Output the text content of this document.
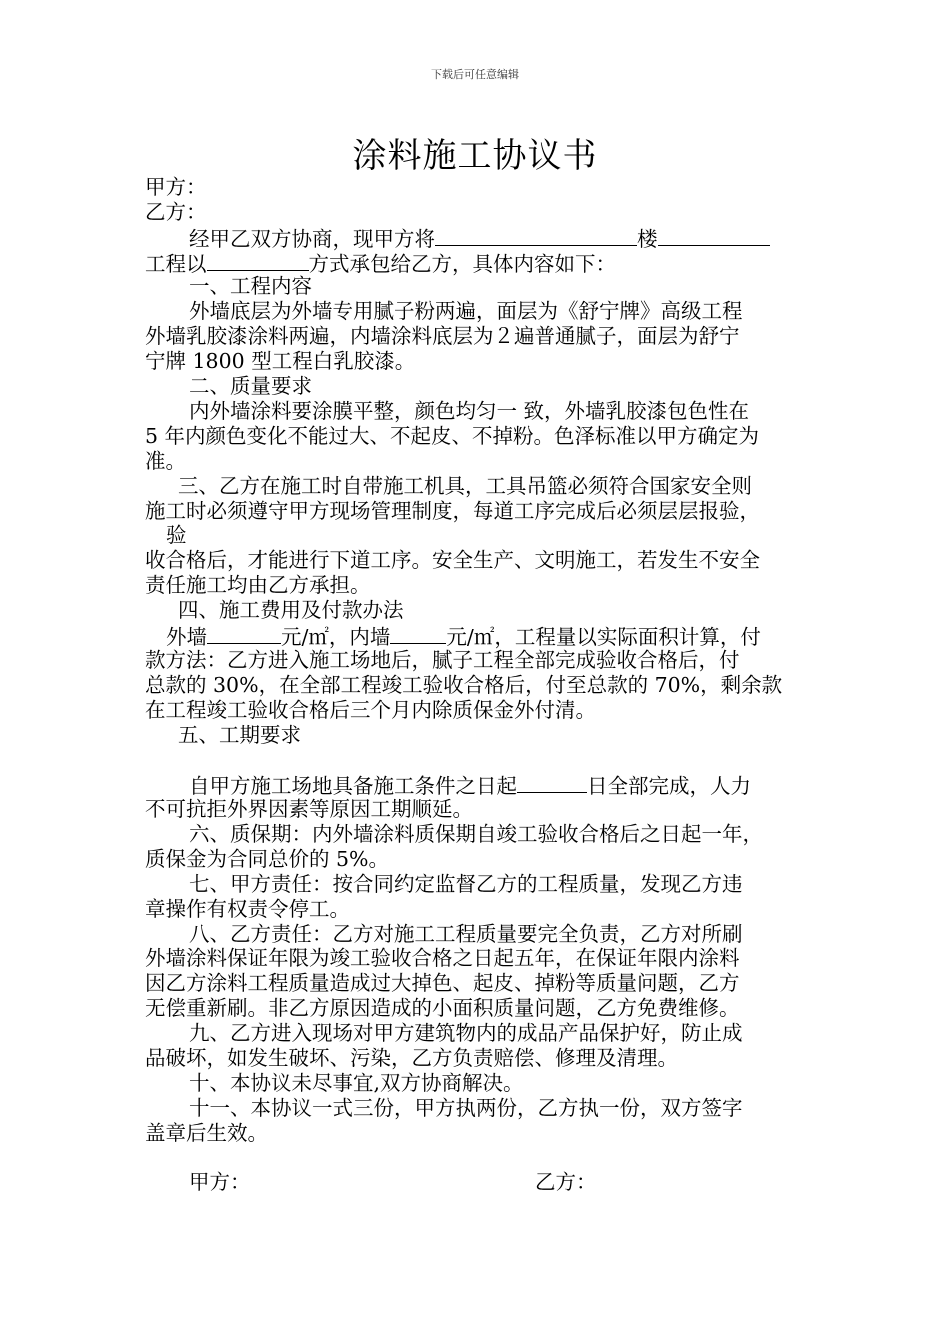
下载后可任意编辑
涂料施工协议书
甲方：
乙方：
经甲乙双方协商，现甲方将	楼
工程以	方式承包给乙方，具体内容如下：
一、工程内容
外墙底层为外墙专用腻子粉两遍，面层为《舒宁牌》高级工程
外墙乳胶漆涂料两遍，内墙涂料底层为２遍普通腻子，面层为舒宁
宁牌 1800 型工程白乳胶漆。
二、质量要求
内外墙涂料要涂膜平整，颜色均匀一 致，外墙乳胶漆包色性在
5 年内颜色变化不能过大、不起皮、不掉粉。色泽标准以甲方确定为
准。
三、乙方在施工时自带施工机具，工具吊篮必须符合国家安全则
施工时必须遵守甲方现场管理制度，每道工序完成后必须层层报验，
验
收合格后，才能进行下道工序。安全生产、文明施工，若发生不安全
责任施工均由乙方承担。
四、施工费用及付款办法
外墙	元/㎡，内墙	元/㎡，工程量以实际面积计算，付
款方法：乙方进入施工场地后，腻子工程全部完成验收合格后，付
总款的 30%，在全部工程竣工验收合格后，付至总款的 70%，剩余款
在工程竣工验收合格后三个月内除质保金外付清。
五、工期要求
自甲方施工场地具备施工条件之日起	日全部完成，人力
不可抗拒外界因素等原因工期顺延。
六、质保期：内外墙涂料质保期自竣工验收合格后之日起一年，
质保金为合同总价的 5%。
七、甲方责任：按合同约定监督乙方的工程质量，发现乙方违
章操作有权责令停工。
八、乙方责任：乙方对施工工程质量要完全负责，乙方对所刷
外墙涂料保证年限为竣工验收合格之日起五年，在保证年限内涂料
因乙方涂料工程质量造成过大掉色、起皮、掉粉等质量问题，乙方
无偿重新刷。非乙方原因造成的小面积质量问题，乙方免费维修。
九、乙方进入现场对甲方建筑物内的成品产品保护好，防止成
品破坏，如发生破坏、污染，乙方负责赔偿、修理及清理。
十、本协议未尽事宜,双方协商解决。
十一、本协议一式三份，甲方执两份，乙方执一份，双方签字
盖章后生效。
甲方：	乙方：
